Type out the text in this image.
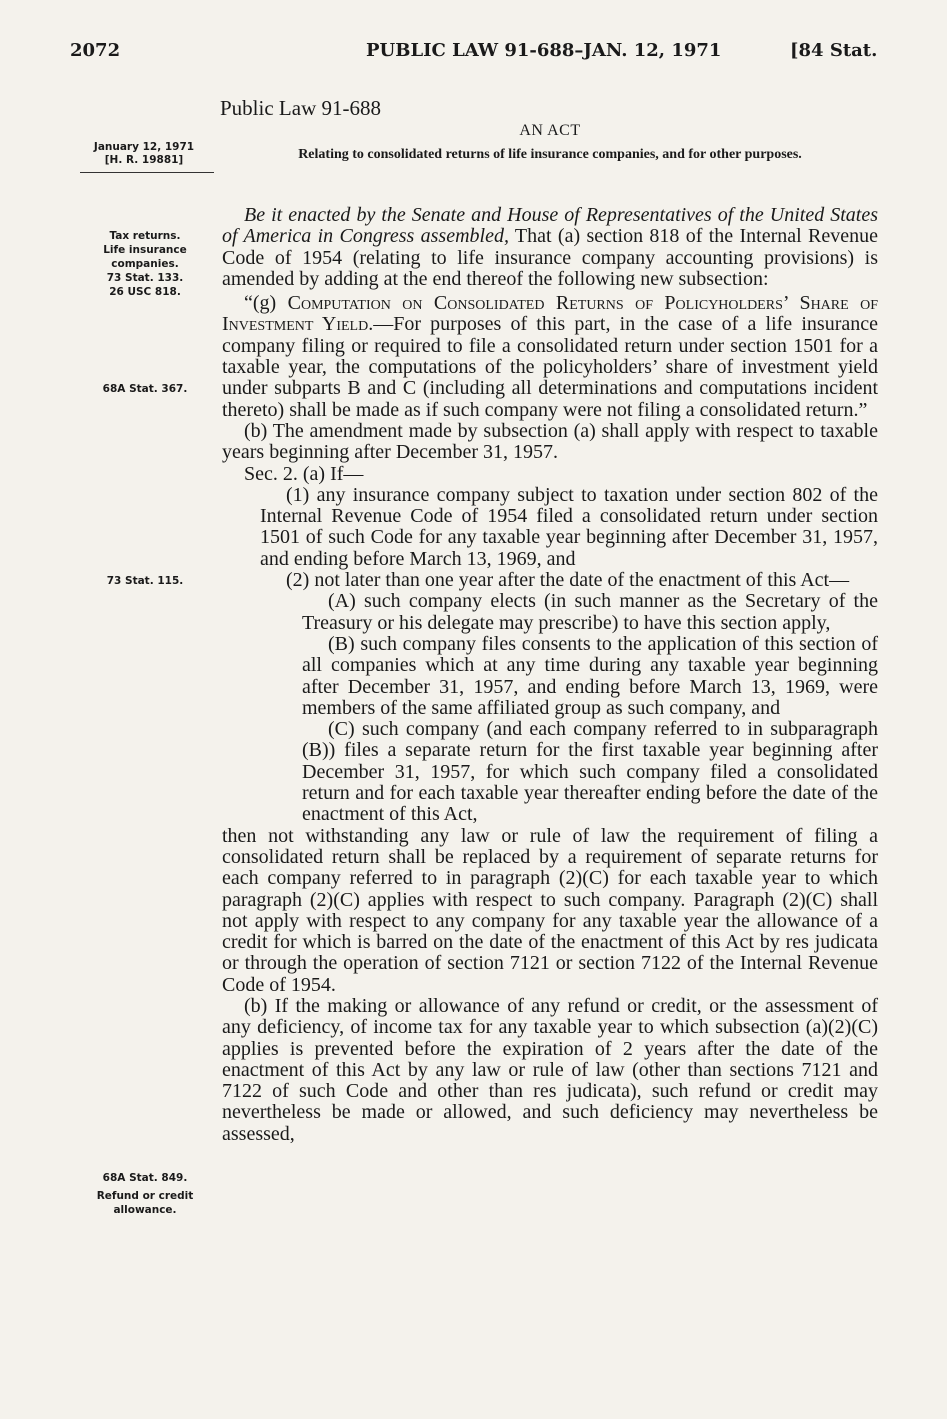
2072	PUBLIC LAW 91-688–JAN. 12, 1971	[84 Stat.
Public Law 91-688
AN ACT
Relating to consolidated returns of life insurance companies, and for other purposes.
January 12, 1971
[H. R. 19881]
Tax returns.
Life insurance
companies.
73 Stat. 133.
26 USC 818.
68A Stat. 367.
73 Stat. 115.
68A Stat. 849.
Refund or credit
allowance.

Be it enacted by the Senate and House of Representatives of the United States of America in Congress assembled, That (a) section 818 of the Internal Revenue Code of 1954 (relating to life insurance company accounting provisions) is amended by adding at the end thereof the following new subsection:

“(g) Computation on Consolidated Returns of Policyholders’ Share of Investment Yield.—For purposes of this part, in the case of a life insurance company filing or required to file a consolidated return under section 1501 for a taxable year, the computations of the policyholders’ share of investment yield under subparts B and C (including all determinations and computations incident thereto) shall be made as if such company were not filing a consolidated return.”

(b) The amendment made by subsection (a) shall apply with respect to taxable years beginning after December 31, 1957.

Sec. 2. (a) If—

(1) any insurance company subject to taxation under section 802 of the Internal Revenue Code of 1954 filed a consolidated return under section 1501 of such Code for any taxable year beginning after December 31, 1957, and ending before March 13, 1969, and

(2) not later than one year after the date of the enactment of this Act—

(A) such company elects (in such manner as the Secretary of the Treasury or his delegate may prescribe) to have this section apply,

(B) such company files consents to the application of this section of all companies which at any time during any taxable year beginning after December 31, 1957, and ending before March 13, 1969, were members of the same affiliated group as such company, and

(C) such company (and each company referred to in subparagraph (B)) files a separate return for the first taxable year beginning after December 31, 1957, for which such company filed a consolidated return and for each taxable year thereafter ending before the date of the enactment of this Act,

then not withstanding any law or rule of law the requirement of filing a consolidated return shall be replaced by a requirement of separate returns for each company referred to in paragraph (2)(C) for each taxable year to which paragraph (2)(C) applies with respect to such company. Paragraph (2)(C) shall not apply with respect to any company for any taxable year the allowance of a credit for which is barred on the date of the enactment of this Act by res judicata or through the operation of section 7121 or section 7122 of the Internal Revenue Code of 1954.

(b) If the making or allowance of any refund or credit, or the assessment of any deficiency, of income tax for any taxable year to which subsection (a)(2)(C) applies is prevented before the expiration of 2 years after the date of the enactment of this Act by any law or rule of law (other than sections 7121 and 7122 of such Code and other than res judicata), such refund or credit may nevertheless be made or allowed, and such deficiency may nevertheless be assessed,
